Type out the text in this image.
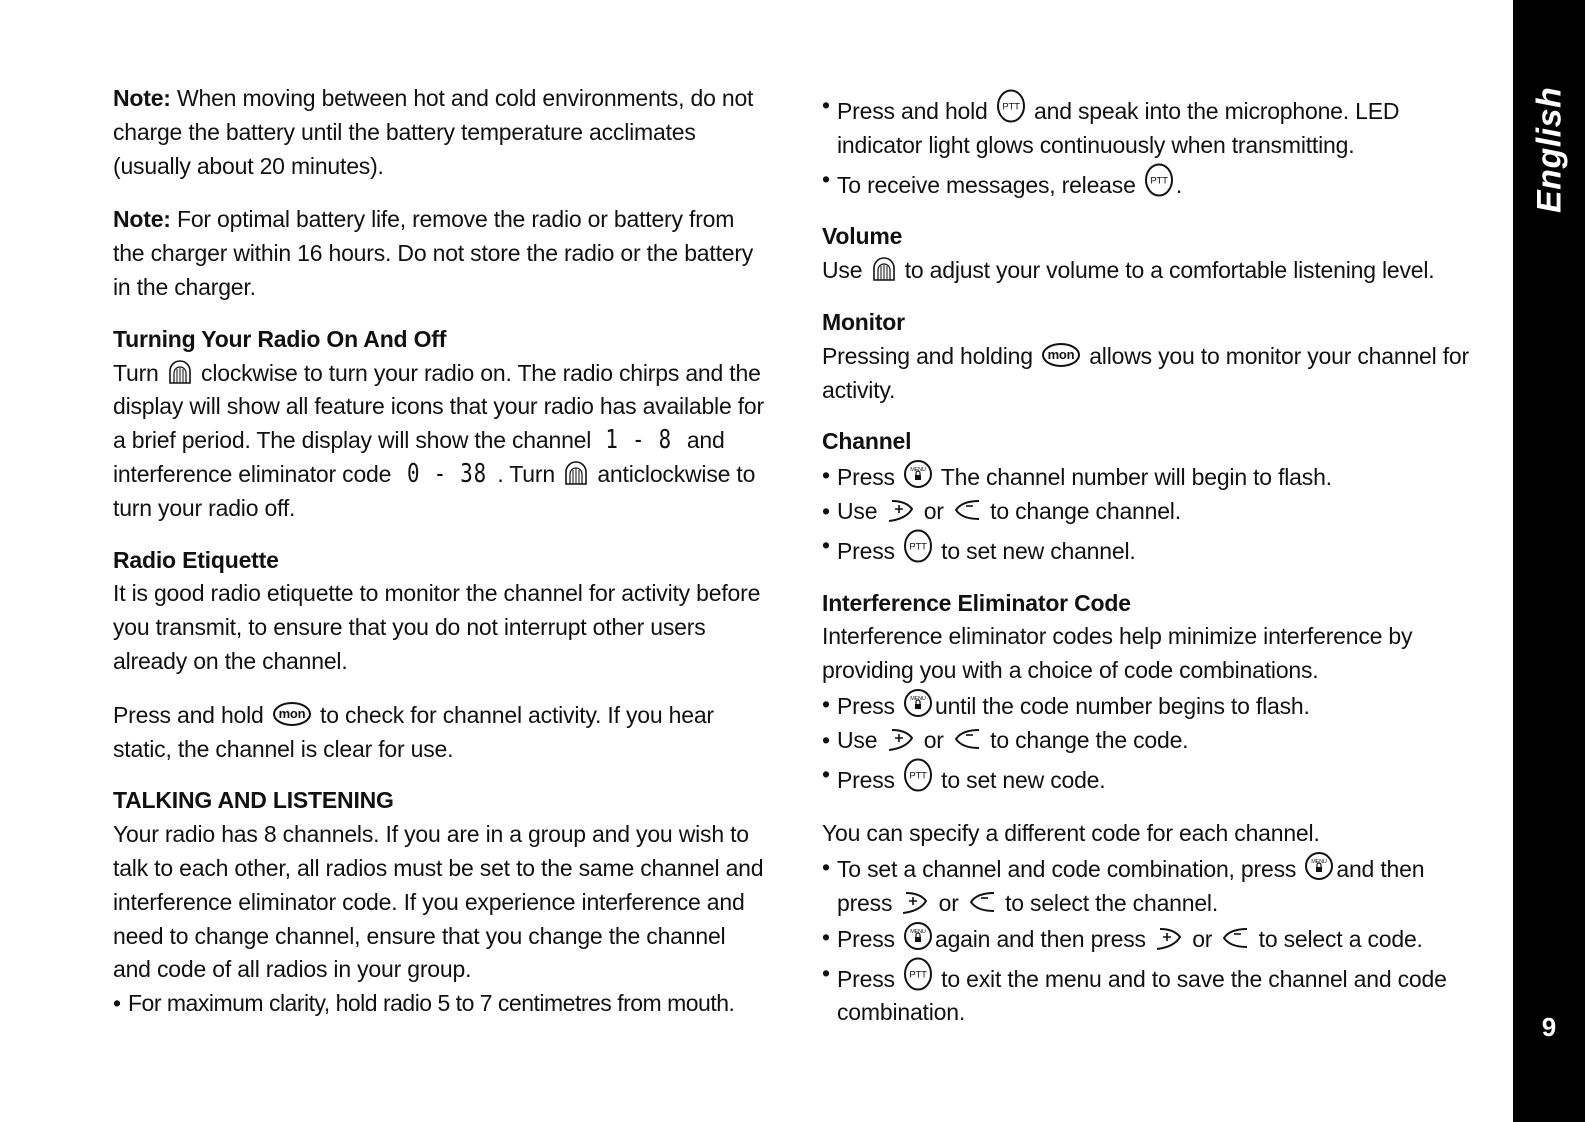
Note: When moving between hot and cold environments, do not charge the battery until the battery temperature acclimates (usually about 20 minutes).

Note: For optimal battery life, remove the radio or battery from the charger within 16 hours. Do not store the radio or the battery in the charger.

Turning Your Radio On And Off

Turn  clockwise to turn your radio on. The radio chirps and the display will show all feature icons that your radio has available for a brief period. The display will show the channel 1 - 8 and interference eliminator code 0 - 38 . Turn  anticlockwise to turn your radio off.

Radio Etiquette

It is good radio etiquette to monitor the channel for activity before you transmit, to ensure that you do not interrupt other users already on the channel.

Press and hold mon to check for channel activity. If you hear static, the channel is clear for use.

TALKING AND LISTENING

Your radio has 8 channels. If you are in a group and you wish to talk to each other, all radios must be set to the same channel and interference eliminator code. If you experience interference and need to change channel, ensure that you change the channel and code of all radios in your group.

• For maximum clarity, hold radio 5 to 7 centimetres from mouth.
• Press and hold PTT and speak into the microphone. LED indicator light glows continuously when transmitting.
• To receive messages, release PTT .

Volume

Use  to adjust your volume to a comfortable listening level.

Monitor

Pressing and holding mon allows you to monitor your channel for activity.

Channel

• Press MENU The channel number will begin to flash.
• Use  or  to change channel.
• Press PTT to set new channel.

Interference Eliminator Code

Interference eliminator codes help minimize interference by providing you with a choice of code combinations.

• Press MENU until the code number begins to flash.
• Use  or  to change the code.
• Press PTT to set new code.

You can specify a different code for each channel.

• To set a channel and code combination, press MENU and then press  or  to select the channel.
• Press MENU again and then press  or  to select a code.
• Press PTT to exit the menu and to save the channel and code combination.
English
9
